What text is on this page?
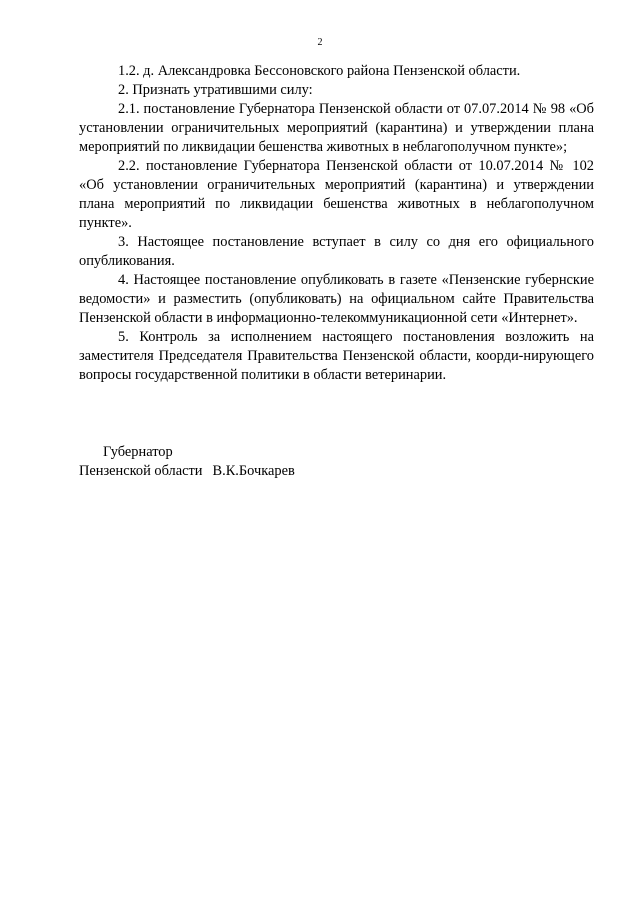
2

1.2. д. Александровка Бессоновского района Пензенской области.

2. Признать утратившими силу:

2.1. постановление Губернатора Пензенской области от 07.07.2014 № 98 «Об установлении ограничительных мероприятий (карантина) и утверждении плана мероприятий по ликвидации бешенства животных в неблагополучном пункте»;

2.2. постановление Губернатора Пензенской области от 10.07.2014 № 102 «Об установлении ограничительных мероприятий (карантина) и утверждении плана мероприятий по ликвидации бешенства животных в неблагополучном пункте».

3. Настоящее постановление вступает в силу со дня его официального опубликования.

4. Настоящее постановление опубликовать в газете «Пензенские губернские ведомости» и разместить (опубликовать) на официальном сайте Правительства Пензенской области в информационно-телекоммуникационной сети «Интернет».

5. Контроль за исполнением настоящего постановления возложить на заместителя Председателя Правительства Пензенской области, коорди-нирующего вопросы государственной политики в области ветеринарии.

Губернатор

Пензенской области В.К.Бочкарев
